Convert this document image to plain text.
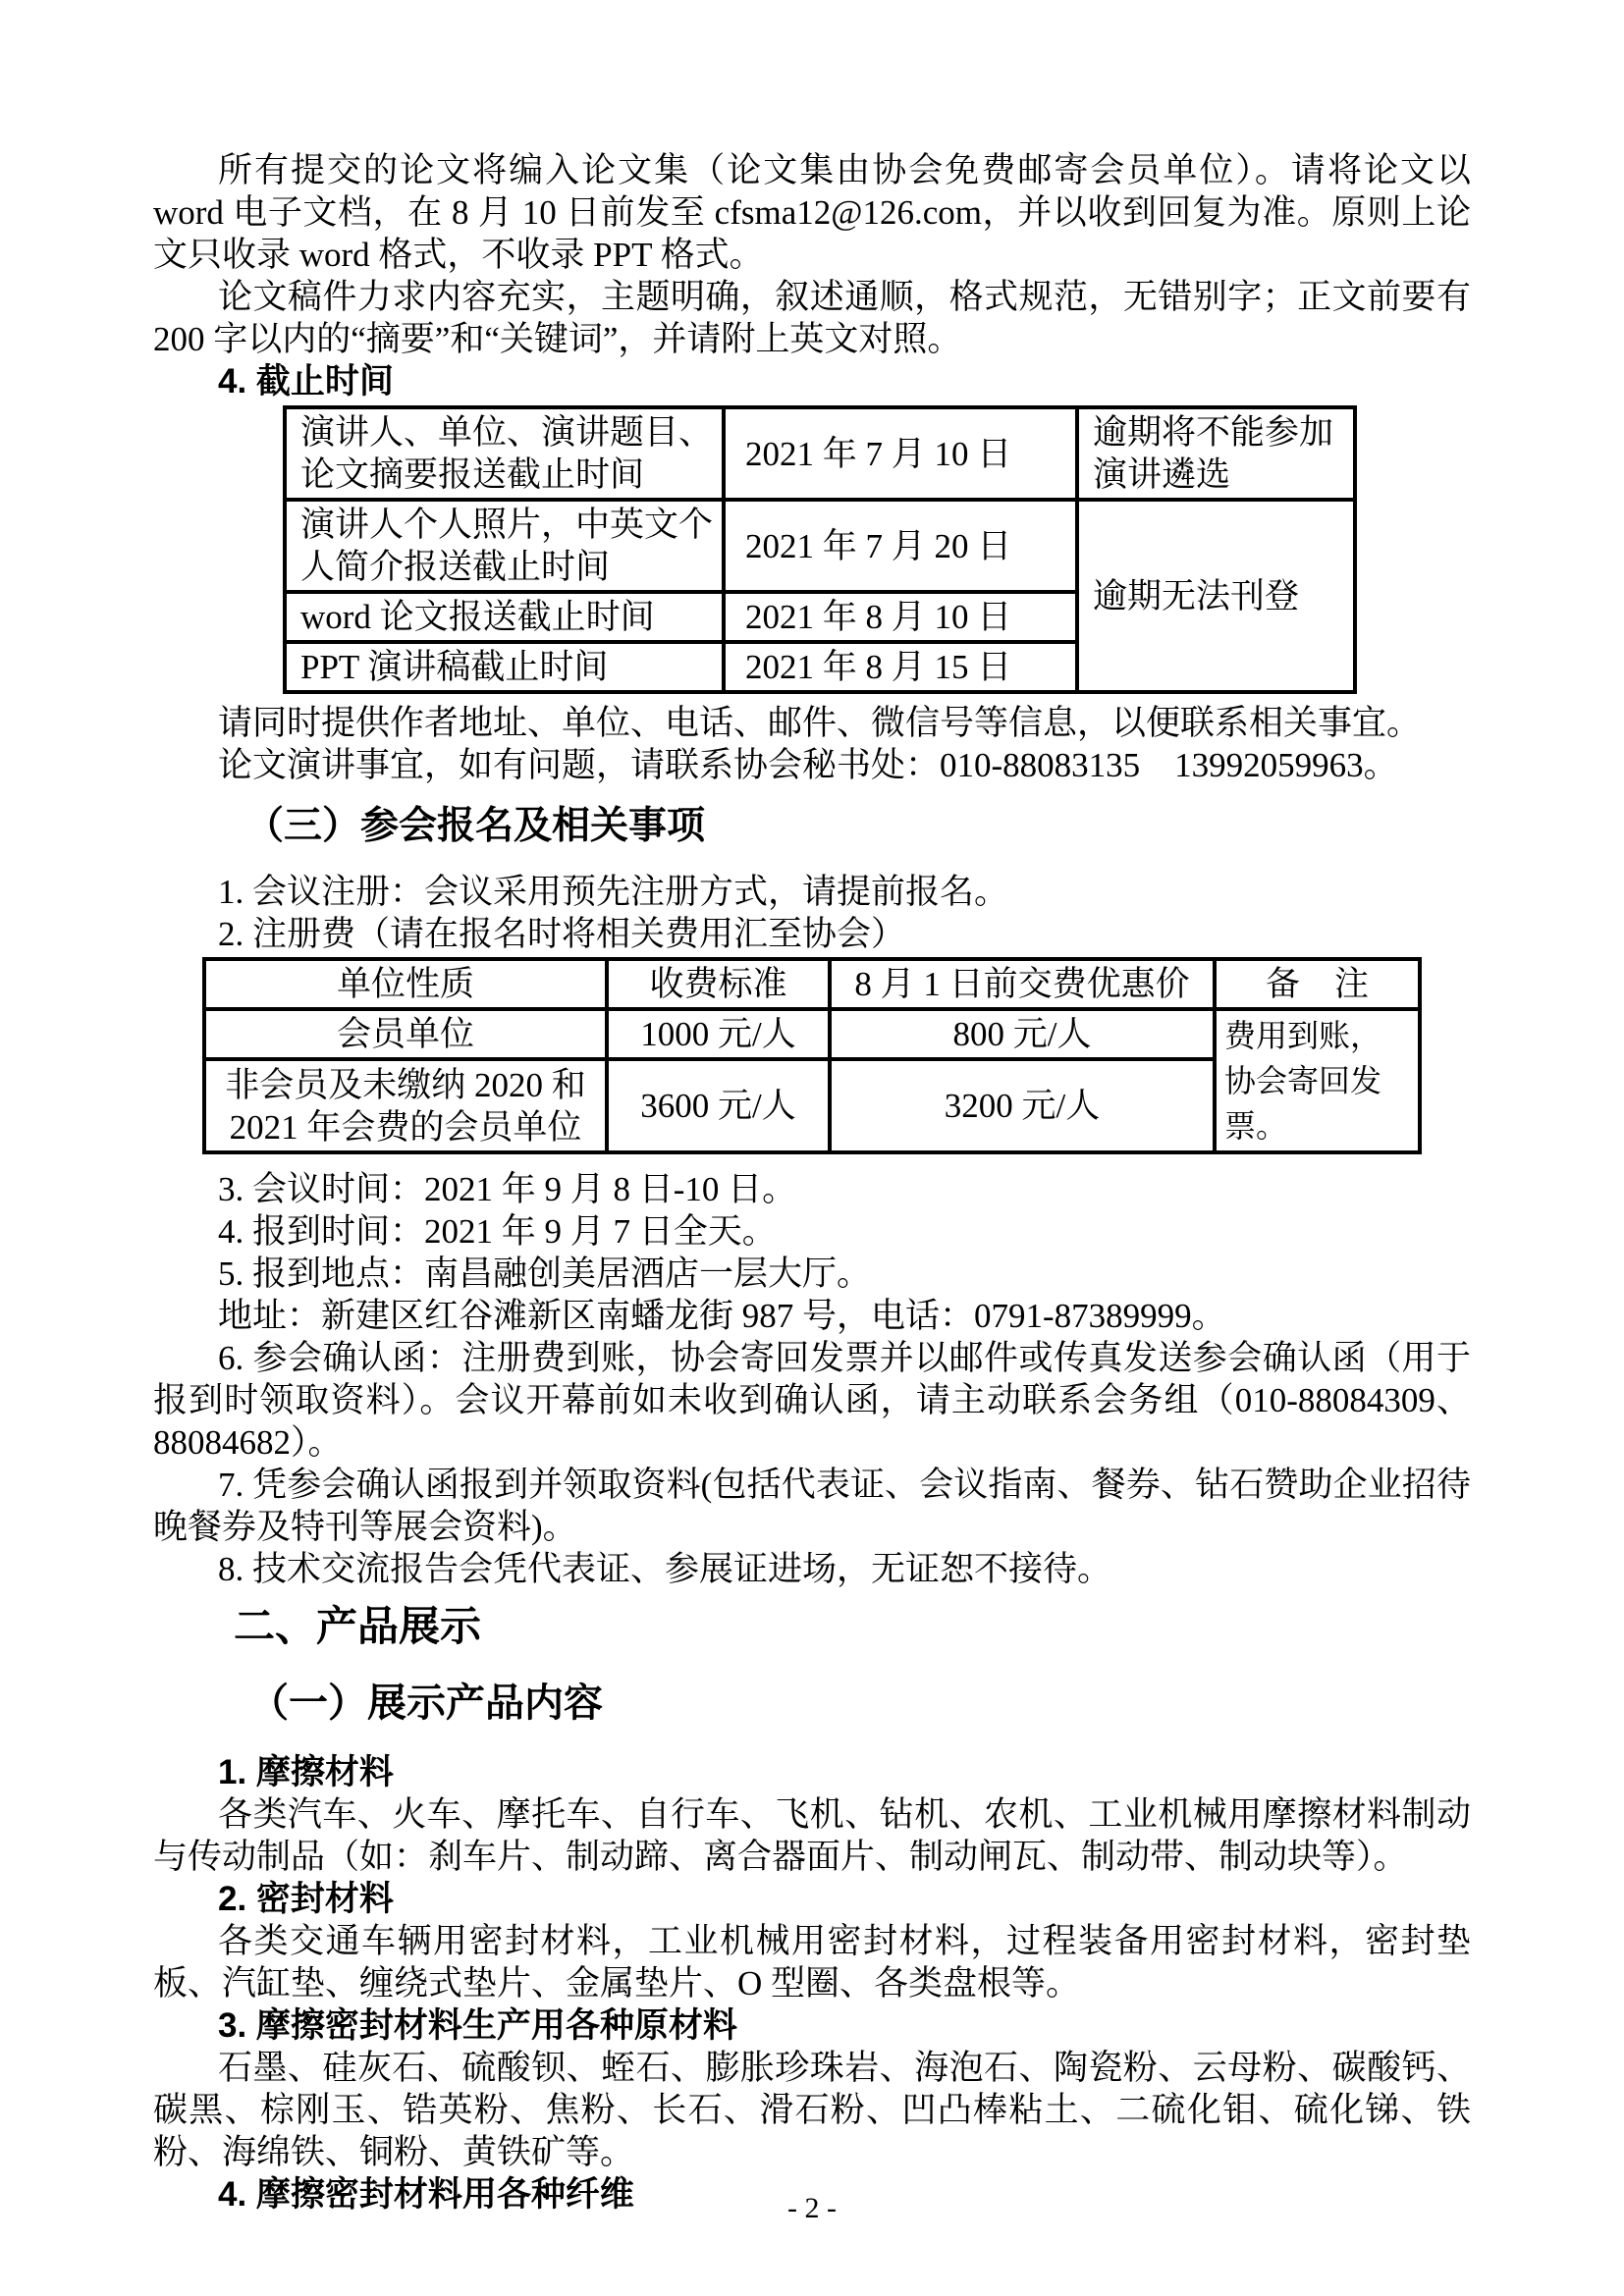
所有提交的论文将编入论文集（论文集由协会免费邮寄会员单位）。请将论文以 word 电子文档，在 8 月 10 日前发至 cfsma12@126.com，并以收到回复为准。原则上论文只收录 word 格式，不收录 PPT 格式。

论文稿件力求内容充实，主题明确，叙述通顺，格式规范，无错别字；正文前要有 200 字以内的“摘要”和“关键词”，并请附上英文对照。

4. 截止时间
演讲人、单位、演讲题目、论文摘要报送截止时间	2021 年 7 月 10 日	逾期将不能参加演讲遴选
演讲人个人照片，中英文个人简介报送截止时间	2021 年 7 月 20 日	逾期无法刊登
word 论文报送截止时间	2021 年 8 月 10 日	
PPT 演讲稿截止时间	2021 年 8 月 15 日	

请同时提供作者地址、单位、电话、邮件、微信号等信息，以便联系相关事宜。

论文演讲事宜，如有问题，请联系协会秘书处：010-88083135　13992059963。

（三）参会报名及相关事项

1. 会议注册：会议采用预先注册方式，请提前报名。

2. 注册费（请在报名时将相关费用汇至协会）

单位性质	收费标准	8 月 1 日前交费优惠价	备　注
会员单位	1000 元/人	800 元/人	费用到账，协会寄回发票。
非会员及未缴纳 2020 和 2021 年会费的会员单位	3600 元/人	3200 元/人	

3. 会议时间：2021 年 9 月 8 日-10 日。

4. 报到时间：2021 年 9 月 7 日全天。

5. 报到地点：南昌融创美居酒店一层大厅。

地址：新建区红谷滩新区南蟠龙街 987 号，电话：0791-87389999。

6. 参会确认函：注册费到账，协会寄回发票并以邮件或传真发送参会确认函（用于报到时领取资料）。会议开幕前如未收到确认函，请主动联系会务组（010-88084309、88084682）。

7. 凭参会确认函报到并领取资料(包括代表证、会议指南、餐券、钻石赞助企业招待晚餐券及特刊等展会资料)。

8. 技术交流报告会凭代表证、参展证进场，无证恕不接待。

二、产品展示
（一）展示产品内容
1. 摩擦材料

各类汽车、火车、摩托车、自行车、飞机、钻机、农机、工业机械用摩擦材料制动与传动制品（如：刹车片、制动蹄、离合器面片、制动闸瓦、制动带、制动块等）。

2. 密封材料

各类交通车辆用密封材料，工业机械用密封材料，过程装备用密封材料，密封垫板、汽缸垫、缠绕式垫片、金属垫片、O 型圈、各类盘根等。

3. 摩擦密封材料生产用各种原材料

石墨、硅灰石、硫酸钡、蛭石、膨胀珍珠岩、海泡石、陶瓷粉、云母粉、碳酸钙、碳黑、棕刚玉、锆英粉、焦粉、长石、滑石粉、凹凸棒粘土、二硫化钼、硫化锑、铁粉、海绵铁、铜粉、黄铁矿等。

4. 摩擦密封材料用各种纤维	- 2 -
